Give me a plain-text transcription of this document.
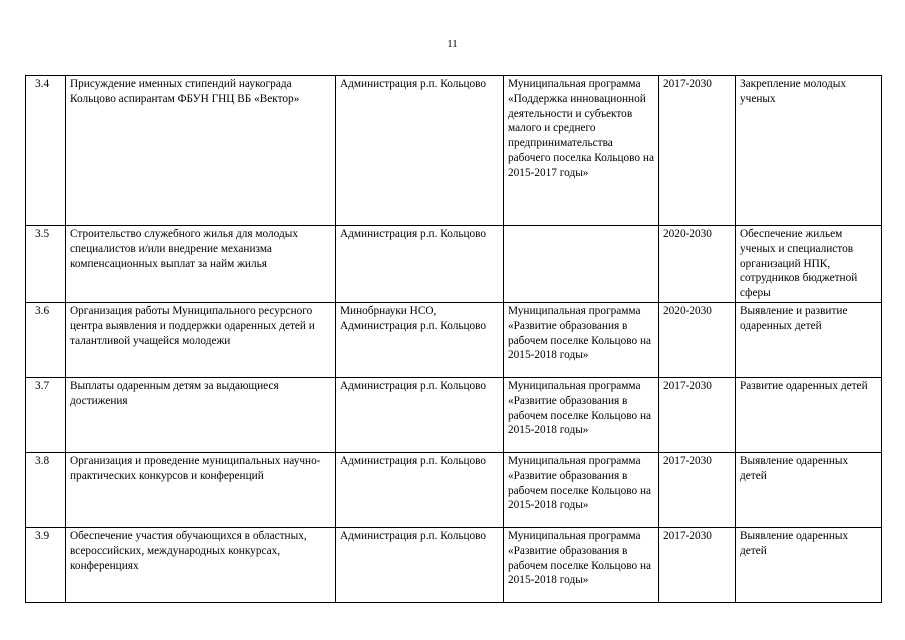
11
3.4	Присуждение именных стипендий наукограда Кольцово аспирантам ФБУН ГНЦ ВБ «Вектор»	Администрация р.п. Кольцово	Муниципальная программа «Поддержка инновационной деятельности и субъектов малого и среднего предпринимательства рабочего поселка Кольцово на 2015-2017 годы»	2017-2030	Закрепление молодых ученых
3.5	Строительство служебного жилья для молодых специалистов и/или внедрение механизма компенсационных выплат за найм жилья	Администрация р.п. Кольцово		2020-2030	Обеспечение жильем ученых и специалистов организаций НПК, сотрудников бюджетной сферы
3.6	Организация работы Муниципального ресурсного центра выявления и поддержки одаренных детей и талантливой учащейся молодежи	Минобрнауки НСО, Администрация р.п. Кольцово	Муниципальная программа «Развитие образования в рабочем поселке Кольцово на 2015-2018 годы»	2020-2030	Выявление и развитие одаренных детей
3.7	Выплаты одаренным детям за выдающиеся достижения	Администрация р.п. Кольцово	Муниципальная программа «Развитие образования в рабочем поселке Кольцово на 2015-2018 годы»	2017-2030	Развитие одаренных детей
3.8	Организация и проведение муниципальных научно-практических конкурсов и конференций	Администрация р.п. Кольцово	Муниципальная программа «Развитие образования в рабочем поселке Кольцово на 2015-2018 годы»	2017-2030	Выявление одаренных детей
3.9	Обеспечение участия обучающихся в областных, всероссийских, международных конкурсах, конференциях	Администрация р.п. Кольцово	Муниципальная программа «Развитие образования в рабочем поселке Кольцово на 2015-2018 годы»	2017-2030	Выявление одаренных детей
